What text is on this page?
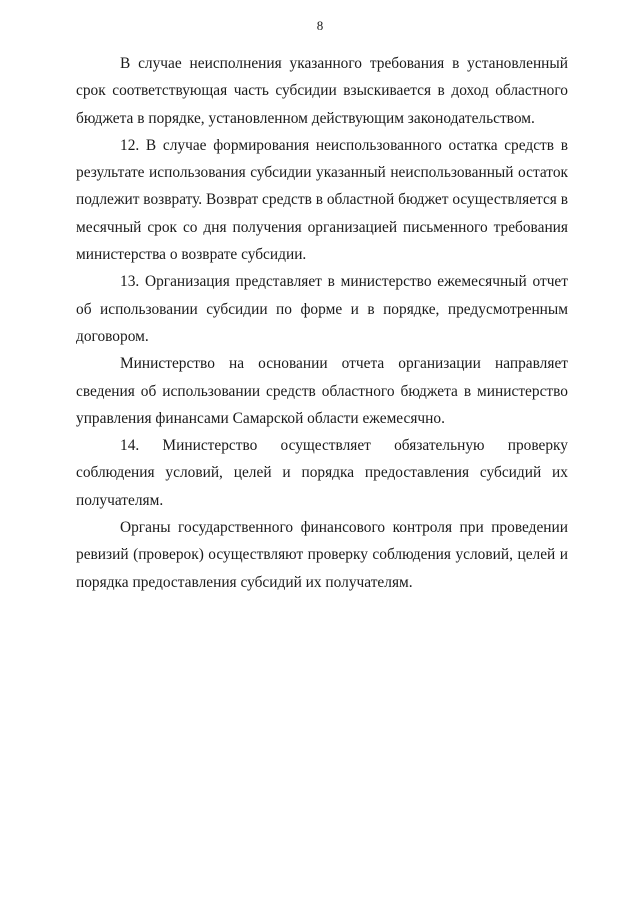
8

В случае неисполнения указанного требования в установленный срок соответствующая часть субсидии взыскивается в доход областного бюджета в порядке, установленном действующим законодательством.

12. В случае формирования неиспользованного остатка средств в результате использования субсидии указанный неиспользованный остаток подлежит возврату. Возврат средств в областной бюджет осуществляется в месячный срок со дня получения организацией письменного требования министерства о возврате субсидии.

13. Организация представляет в министерство ежемесячный отчет об использовании субсидии по форме и в порядке, предусмотренным договором.

Министерство на основании отчета организации направляет сведения об использовании средств областного бюджета в министерство управления финансами Самарской области ежемесячно.

14. Министерство осуществляет обязательную проверку соблюдения условий, целей и порядка предоставления субсидий их получателям.

Органы государственного финансового контроля при проведении ревизий (проверок) осуществляют проверку соблюдения условий, целей и порядка предоставления субсидий их получателям.
